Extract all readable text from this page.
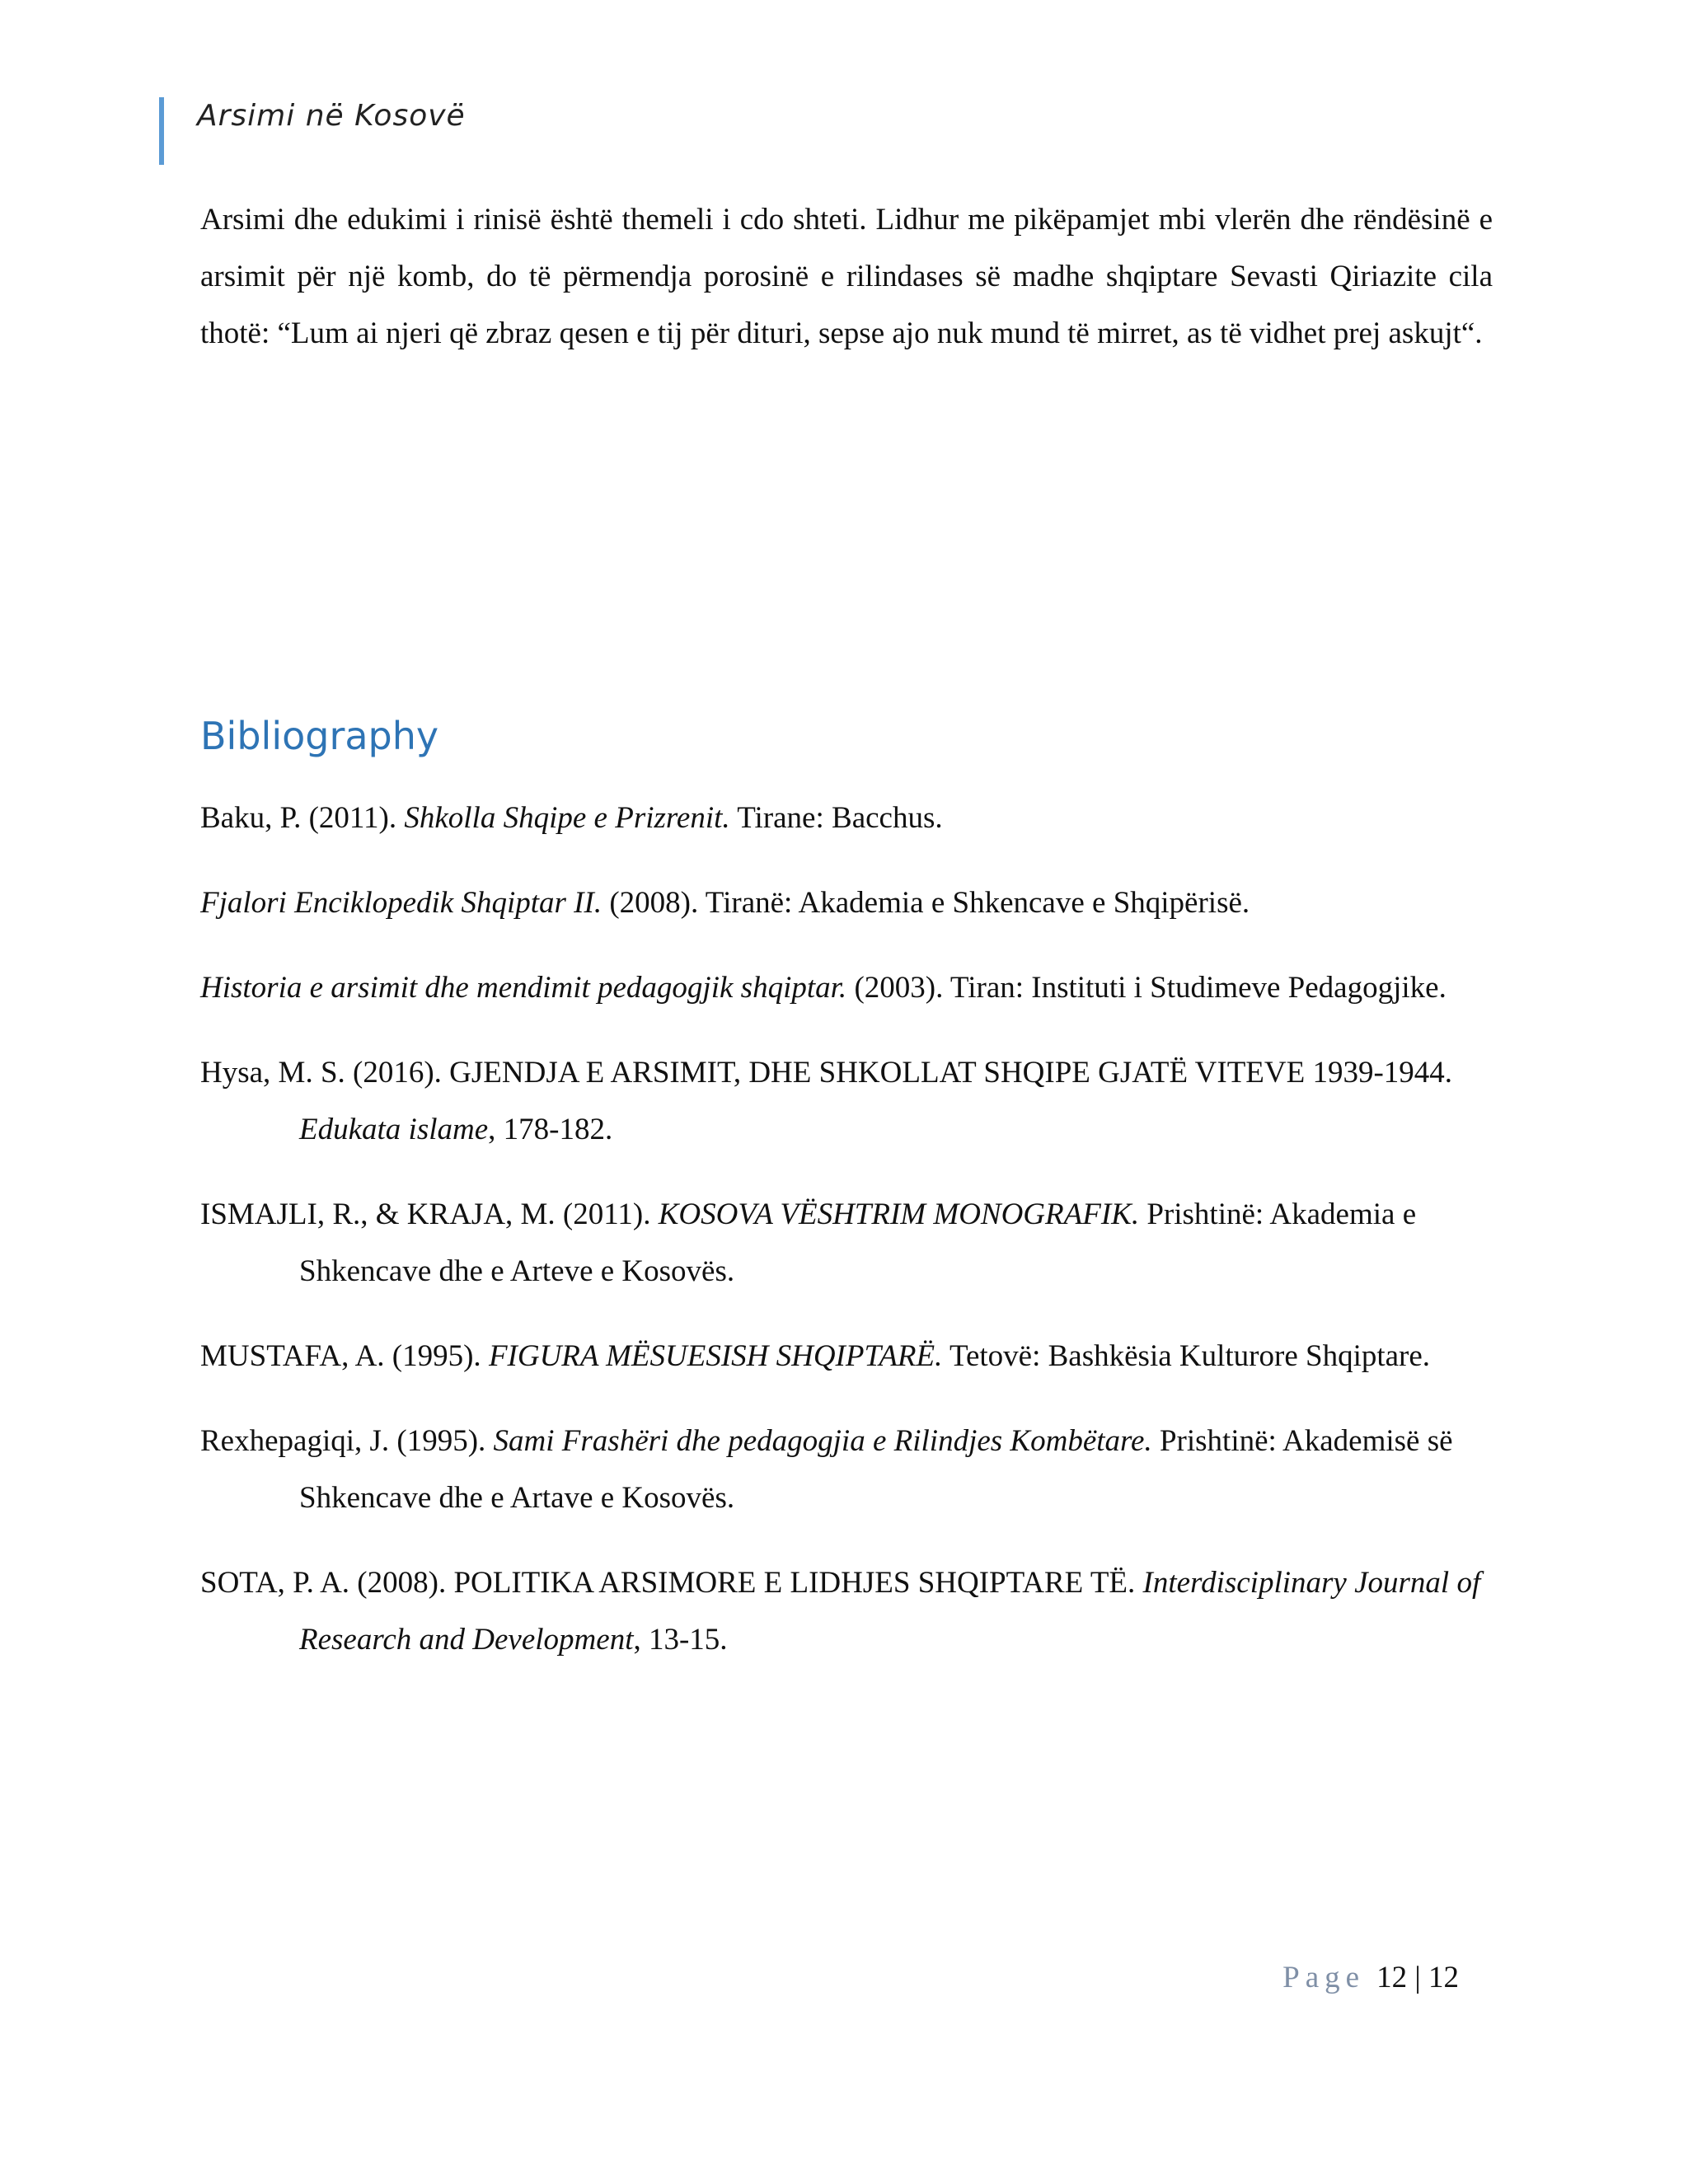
Arsimi në Kosovë

Arsimi dhe edukimi i rinisë është themeli i cdo shteti. Lidhur me pikëpamjet mbi vlerën dhe rëndësinë e arsimit për një komb, do të përmendja porosinë e rilindases së madhe shqiptare Sevasti Qiriazite cila thotë: “Lum ai njeri që zbraz qesen e tij për dituri, sepse ajo nuk mund të mirret, as të vidhet prej askujt“.

Bibliography
Baku, P. (2011). Shkolla Shqipe e Prizrenit. Tirane: Bacchus.
Fjalori Enciklopedik Shqiptar II. (2008). Tiranë: Akademia e Shkencave e Shqipërisë.
Historia e arsimit dhe mendimit pedagogjik shqiptar. (2003). Tiran: Instituti i Studimeve Pedagogjike.
Hysa, M. S. (2016). GJENDJA E ARSIMIT, DHE SHKOLLAT SHQIPE GJATË VITEVE 1939-1944. Edukata islame, 178-182.
ISMAJLI, R., & KRAJA, M. (2011). KOSOVA VËSHTRIM MONOGRAFIK. Prishtinë: Akademia e Shkencave dhe e Arteve e Kosovës.
MUSTAFA, A. (1995). FIGURA MËSUESISH SHQIPTARË. Tetovë: Bashkësia Kulturore Shqiptare.
Rexhepagiqi, J. (1995). Sami Frashëri dhe pedagogjia e Rilindjes Kombëtare. Prishtinë: Akademisë së Shkencave dhe e Artave e Kosovës.
SOTA, P. A. (2008). POLITIKA ARSIMORE E LIDHJES SHQIPTARE TË. Interdisciplinary Journal of Research and Development, 13-15.
Page 12 | 12
